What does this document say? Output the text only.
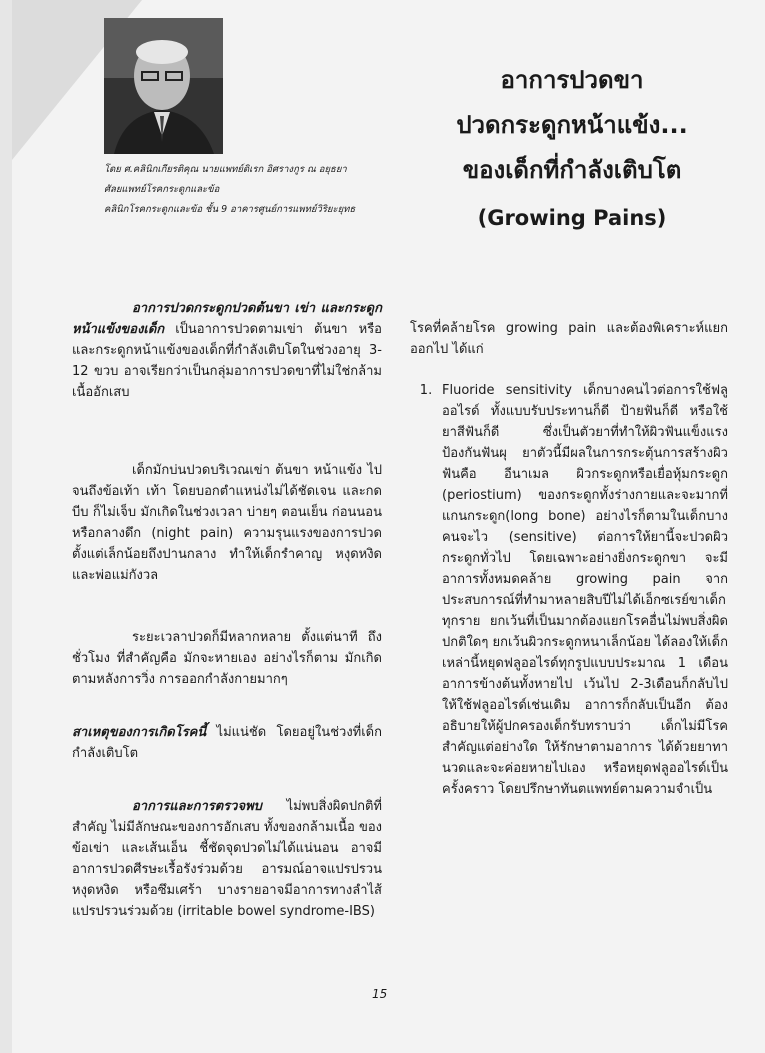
โดย ศ.คลินิกเกียรติคุณ นายแพทย์ดิเรก อิศรางกูร ณ อยุธยา
ศัลยแพทย์โรคกระดูกและข้อ
คลินิกโรคกระดูกและข้อ ชั้น 9 อาคารศูนย์การแพทย์วิริยะยุทธ
อาการปวดขา
ปวดกระดูกหน้าแข้ง...
ของเด็กที่กำลังเติบโต
(Growing Pains)

อาการปวดกระดูกปวดต้นขา เข่า และกระดูกหน้าแข้งของเด็ก เป็นอาการปวดตามเข่า ต้นขา หรือและกระดูกหน้าแข้งของเด็กที่กำลังเติบโตในช่วงอายุ 3-12 ขวบ อาจเรียกว่าเป็นกลุ่มอาการปวดขาที่ไม่ใช่กล้ามเนื้ออักเสบ

เด็กมักบ่นปวดบริเวณเข่า ต้นขา หน้าแข้ง ไปจนถึงข้อเท้า เท้า โดยบอกตำแหน่งไม่ได้ชัดเจน และกด บีบ ก็ไม่เจ็บ มักเกิดในช่วงเวลา บ่ายๆ ตอนเย็น ก่อนนอนหรือกลางดึก (night pain) ความรุนแรงของการปวด ตั้งแต่เล็กน้อยถึงปานกลาง ทำให้เด็กรำคาญ หงุดหงิด และพ่อแม่กังวล

ระยะเวลาปวดก็มีหลากหลาย ตั้งแต่นาที ถึงชั่วโมง ที่สำคัญคือ มักจะหายเอง อย่างไรก็ตาม มักเกิดตามหลังการวิ่ง การออกกำลังกายมากๆ

สาเหตุของการเกิดโรคนี้ ไม่แน่ชัด โดยอยู่ในช่วงที่เด็กกำลังเติบโต

อาการและการตรวจพบ ไม่พบสิ่งผิดปกติที่สำคัญ ไม่มีลักษณะของการอักเสบ ทั้งของกล้ามเนื้อ ของข้อเข่า และเส้นเอ็น ชี้ชัดจุดปวดไม่ได้แน่นอน อาจมีอาการปวดศีรษะเรื้อรังร่วมด้วย อารมณ์อาจแปรปรวน หงุดหงิด หรือซึมเศร้า บางรายอาจมีอาการทางลำไส้แปรปรวนร่วมด้วย (irritable bowel syndrome-IBS)

โรคที่คล้ายโรค growing pain และต้องพิเคราะห์แยกออกไป ได้แก่

1. Fluoride sensitivity เด็กบางคนไวต่อการใช้ฟลูออไรด์ ทั้งแบบรับประทานก็ดี ป้ายฟันก็ดี หรือใช้ยาสีฟันก็ดี ซึ่งเป็นตัวยาที่ทำให้ผิวฟันแข็งแรง ป้องกันฟันผุ ยาตัวนี้มีผลในการกระตุ้นการสร้างผิวฟันคือ อีนาเมล ผิวกระดูกหรือเยื่อหุ้มกระดูก (periostium) ของกระดูกทั้งร่างกายและจะมากที่แกนกระดูก(long bone) อย่างไรก็ตามในเด็กบางคนจะไว (sensitive) ต่อการให้ยานี้จะปวดผิวกระดูกทั่วไป โดยเฉพาะอย่างยิ่งกระดูกขา จะมีอาการทั้งหมดคล้าย growing pain จากประสบการณ์ที่ทำมาหลายสิบปีไม่ได้เอ็กซเรย์ขาเด็กทุกราย ยกเว้นที่เป็นมากต้องแยกโรคอื่นไม่พบสิ่งผิดปกติใดๆ ยกเว้นผิวกระดูกหนาเล็กน้อย ได้ลองให้เด็กเหล่านี้หยุดฟลูออไรด์ทุกรูปแบบประมาณ 1 เดือนอาการข้างต้นทั้งหายไป เว้นไป 2-3เดือนก็กลับไปให้ใช้ฟลูออไรด์เช่นเดิม อาการก็กลับเป็นอีก ต้องอธิบายให้ผู้ปกครองเด็กรับทราบว่า เด็กไม่มีโรคสำคัญแต่อย่างใด ให้รักษาตามอาการ ได้ด้วยยาทานวดและจะค่อยหายไปเอง หรือหยุดฟลูออไรด์เป็นครั้งคราว โดยปรึกษาทันตแพทย์ตามความจำเป็น
15
